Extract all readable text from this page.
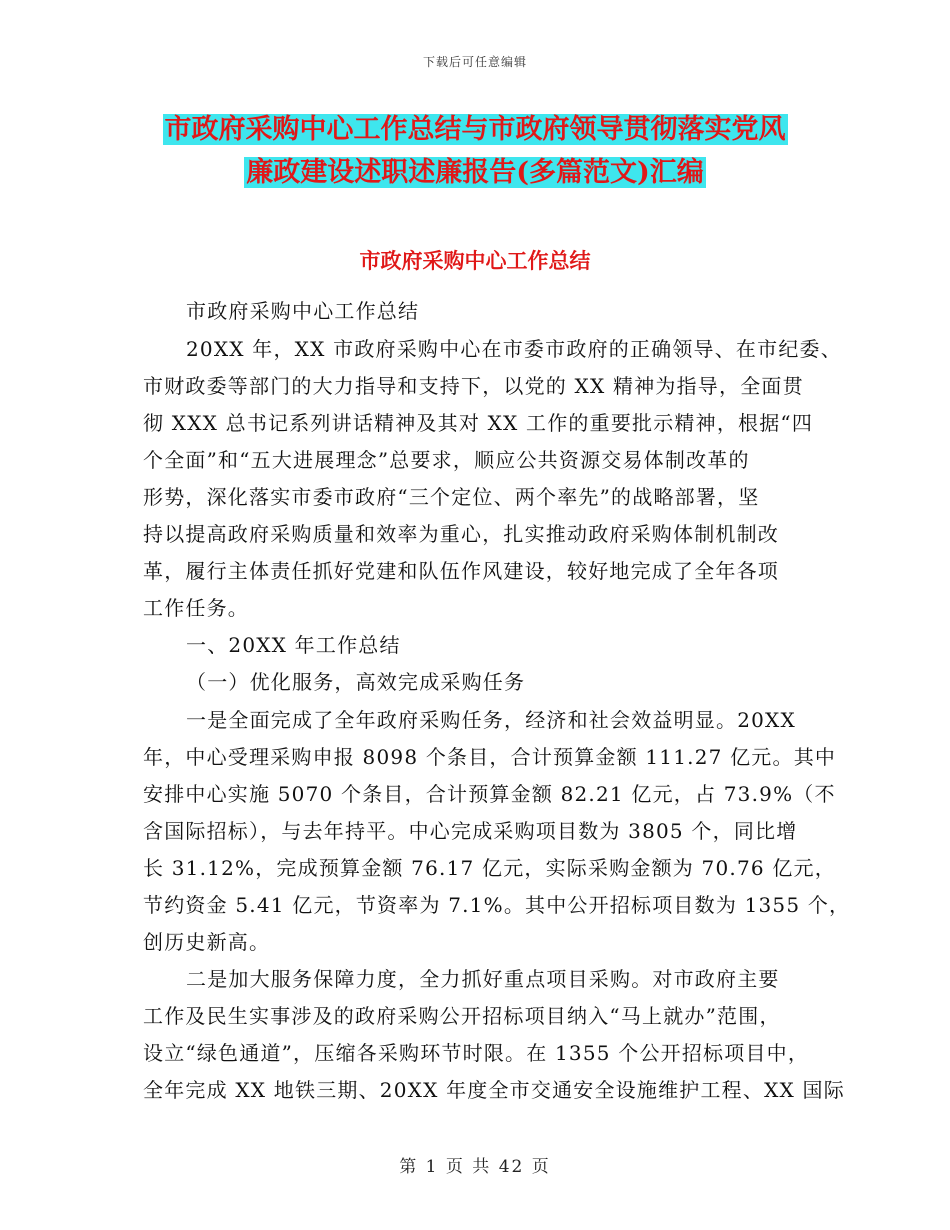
下载后可任意编辑
市政府采购中心工作总结与市政府领导贯彻落实党风
廉政建设述职述廉报告(多篇范文)汇编
市政府采购中心工作总结
市政府采购中心工作总结
20XX 年，XX 市政府采购中心在市委市政府的正确领导、在市纪委、
市财政委等部门的大力指导和支持下，以党的 XX 精神为指导，全面贯
彻 XXX 总书记系列讲话精神及其对 XX 工作的重要批示精神，根据“四
个全面”和“五大进展理念”总要求，顺应公共资源交易体制改革的
形势，深化落实市委市政府“三个定位、两个率先”的战略部署，坚
持以提高政府采购质量和效率为重心，扎实推动政府采购体制机制改
革，履行主体责任抓好党建和队伍作风建设，较好地完成了全年各项
工作任务。
一、20XX 年工作总结
（一）优化服务，高效完成采购任务
一是全面完成了全年政府采购任务，经济和社会效益明显。20XX
年，中心受理采购申报 8098 个条目，合计预算金额 111.27 亿元。其中
安排中心实施 5070 个条目，合计预算金额 82.21 亿元，占 73.9%（不
含国际招标），与去年持平。中心完成采购项目数为 3805 个，同比增
长 31.12%，完成预算金额 76.17 亿元，实际采购金额为 70.76 亿元，
节约资金 5.41 亿元，节资率为 7.1%。其中公开招标项目数为 1355 个，
创历史新高。
二是加大服务保障力度，全力抓好重点项目采购。对市政府主要
工作及民生实事涉及的政府采购公开招标项目纳入“马上就办”范围，
设立“绿色通道”，压缩各采购环节时限。在 1355 个公开招标项目中，
全年完成 XX 地铁三期、20XX 年度全市交通安全设施维护工程、XX 国际
第 1 页 共 42 页
